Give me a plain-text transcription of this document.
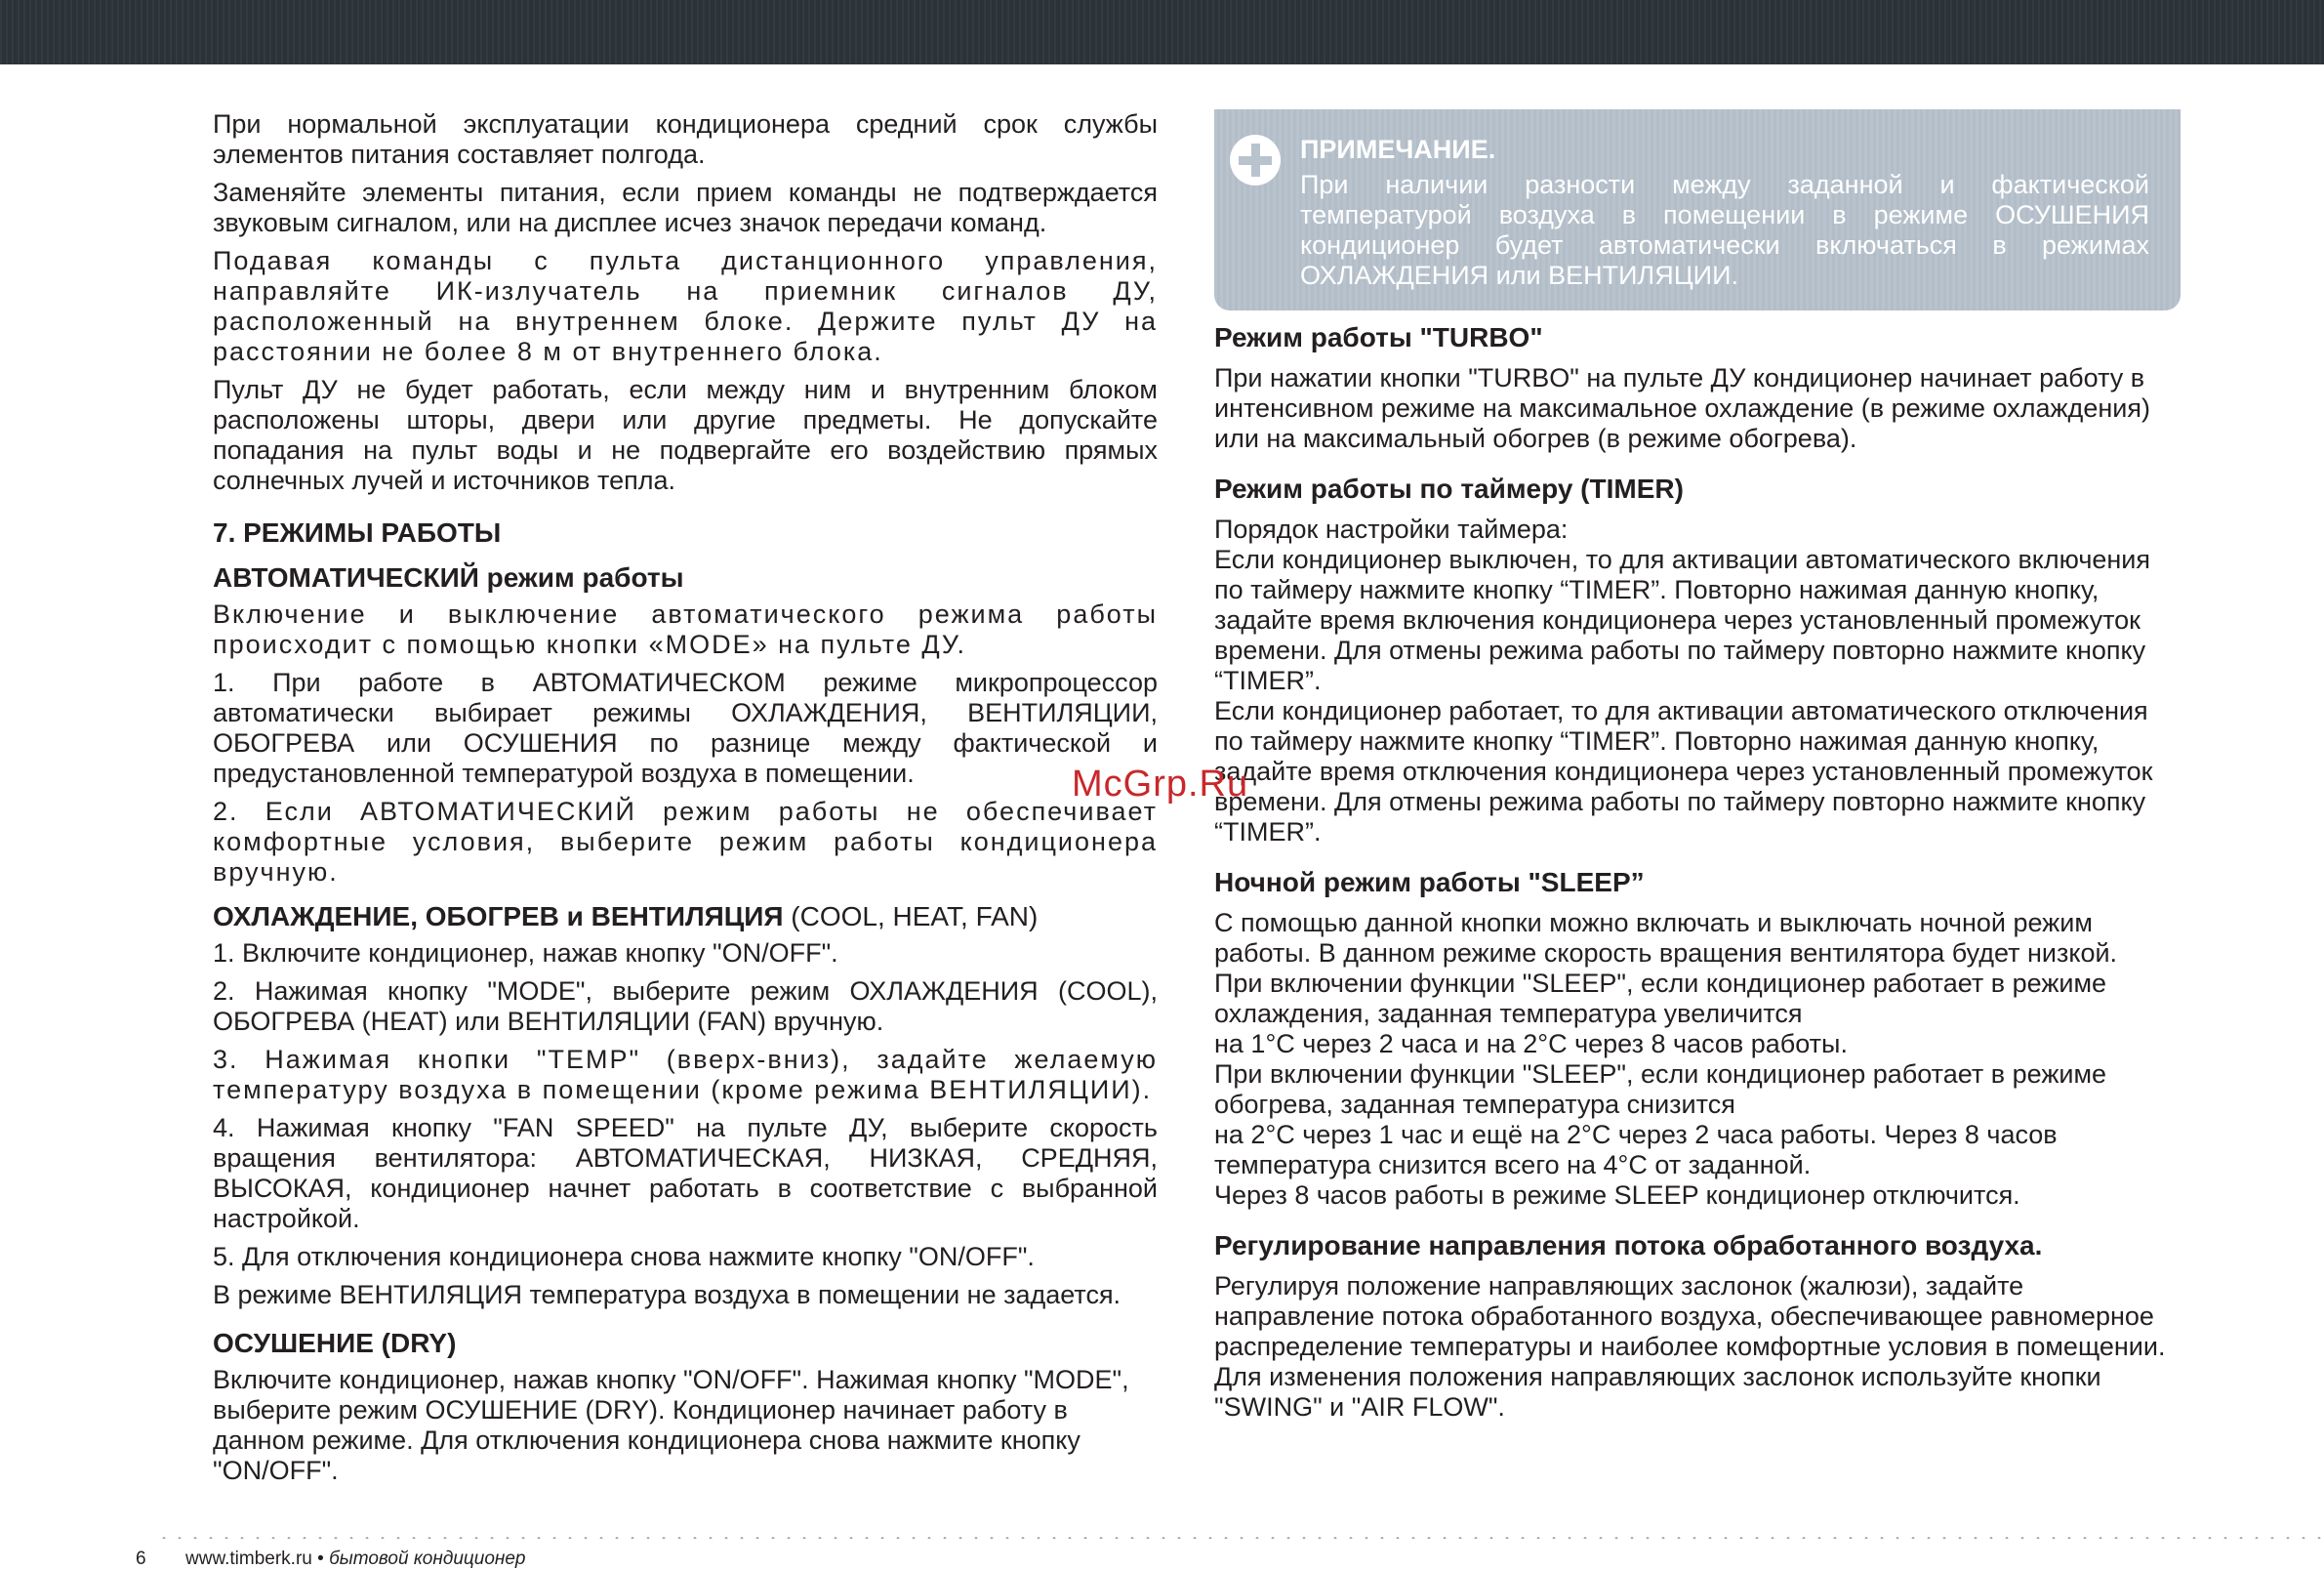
При нормальной эксплуатации кондиционера средний срок службы элементов питания составляет полгода.

Заменяйте элементы питания, если прием команды не подтверждается звуковым сигналом, или на дисплее исчез значок передачи команд.

Подавая команды с пульта дистанционного управления, направляйте ИК-излучатель на приемник сигналов ДУ, расположенный на внутреннем блоке. Держите пульт ДУ на расстоянии не более 8 м от внутреннего блока.

Пульт ДУ не будет работать, если между ним и внутренним блоком расположены шторы, двери или другие предметы. Не допускайте попадания на пульт воды и не подвергайте его воздействию прямых солнечных лучей и источников тепла.

7. РЕЖИМЫ РАБОТЫ
АВТОМАТИЧЕСКИЙ режим работы

Включение и выключение автоматического режима работы происходит с помощью кнопки «MODE» на пульте ДУ.

1. При работе в АВТОМАТИЧЕСКОМ режиме микропроцессор автоматически выбирает режимы ОХЛАЖДЕНИЯ, ВЕНТИЛЯЦИИ, ОБОГРЕВА или ОСУШЕНИЯ по разнице между фактической и предустановленной температурой воздуха в помещении.

2. Если АВТОМАТИЧЕСКИЙ режим работы не обеспечивает комфортные условия, выберите режим работы кондиционера вручную.

ОХЛАЖДЕНИЕ, ОБОГРЕВ и ВЕНТИЛЯЦИЯ (COOL, HEAT, FAN)

1. Включите кондиционер, нажав кнопку "ON/OFF".

2. Нажимая кнопку "MODE", выберите режим ОХЛАЖДЕНИЯ (COOL), ОБОГРЕВА (HEAT) или ВЕНТИЛЯЦИИ (FAN) вручную.

3. Нажимая кнопки "TEMP" (вверх-вниз), задайте желаемую температуру воздуха в помещении (кроме режима ВЕНТИЛЯЦИИ).

4. Нажимая кнопку "FAN SPEED" на пульте ДУ, выберите скорость вращения вентилятора: АВТОМАТИЧЕСКАЯ, НИЗКАЯ, СРЕДНЯЯ, ВЫСОКАЯ, кондиционер начнет работать в соответствие с выбранной настройкой.

5. Для отключения кондиционера снова нажмите кнопку "ON/OFF".

В режиме ВЕНТИЛЯЦИЯ температура воздуха в помещении не задается.

ОСУШЕНИЕ (DRY)

Включите кондиционер, нажав кнопку "ON/OFF". Нажимая кнопку "MODE", выберите режим ОСУШЕНИЕ (DRY). Кондиционер начинает работу в данном режиме. Для отключения кондиционера снова нажмите кнопку "ON/OFF".

ПРИМЕЧАНИЕ.
При наличии разности между заданной и фактической температурой воздуха в помещении в режиме ОСУШЕНИЯ кондиционер будет автоматически включаться в режимах ОХЛАЖДЕНИЯ или ВЕНТИЛЯЦИИ.
Режим работы "TURBO"

При нажатии кнопки "TURBO" на пульте ДУ кондиционер начинает работу в интенсивном режиме на максимальное охлаждение (в режиме охлаждения) или на максимальный обогрев (в режиме обогрева).

Режим работы по таймеру (TIMER)

Порядок настройки таймера:

Если кондиционер выключен, то для активации автоматического включения по таймеру нажмите кнопку “TIMER”. Повторно нажимая данную кнопку, задайте время включения кондиционера через установленный промежуток времени. Для отмены режима работы по таймеру повторно нажмите кнопку “TIMER”.

Если кондиционер работает, то для активации автоматического отключения по таймеру нажмите кнопку “TIMER”. Повторно нажимая данную кнопку, задайте время отключения кондиционера через установленный промежуток времени. Для отмены режима работы по таймеру повторно нажмите кнопку “TIMER”.

Ночной режим работы "SLEEP”

С помощью данной кнопки можно включать и выключать ночной режим работы. В данном режиме скорость вращения вентилятора будет низкой.

При включении функции "SLEEP", если кондиционер работает в режиме охлаждения, заданная температура увеличится

на 1°С через 2 часа и на 2°С через 8 часов работы.

При включении функции "SLEEP", если кондиционер работает в режиме обогрева, заданная температура снизится

на 2°С через 1 час и ещё на 2°С через 2 часа работы. Через 8 часов температура снизится всего на 4°С от заданной.

Через 8 часов работы в режиме SLEEP кондиционер отключится.

Регулирование направления потока обработанного воздуха.

Регулируя положение направляющих заслонок (жалюзи), задайте направление потока обработанного воздуха, обеспечивающее равномерное распределение температуры и наиболее комфортные условия в помещении. Для изменения положения направляющих заслонок используйте кнопки "SWING" и "AIR FLOW".

McGrp.Ru
6 www.timberk.ru • бытовой кондиционер
